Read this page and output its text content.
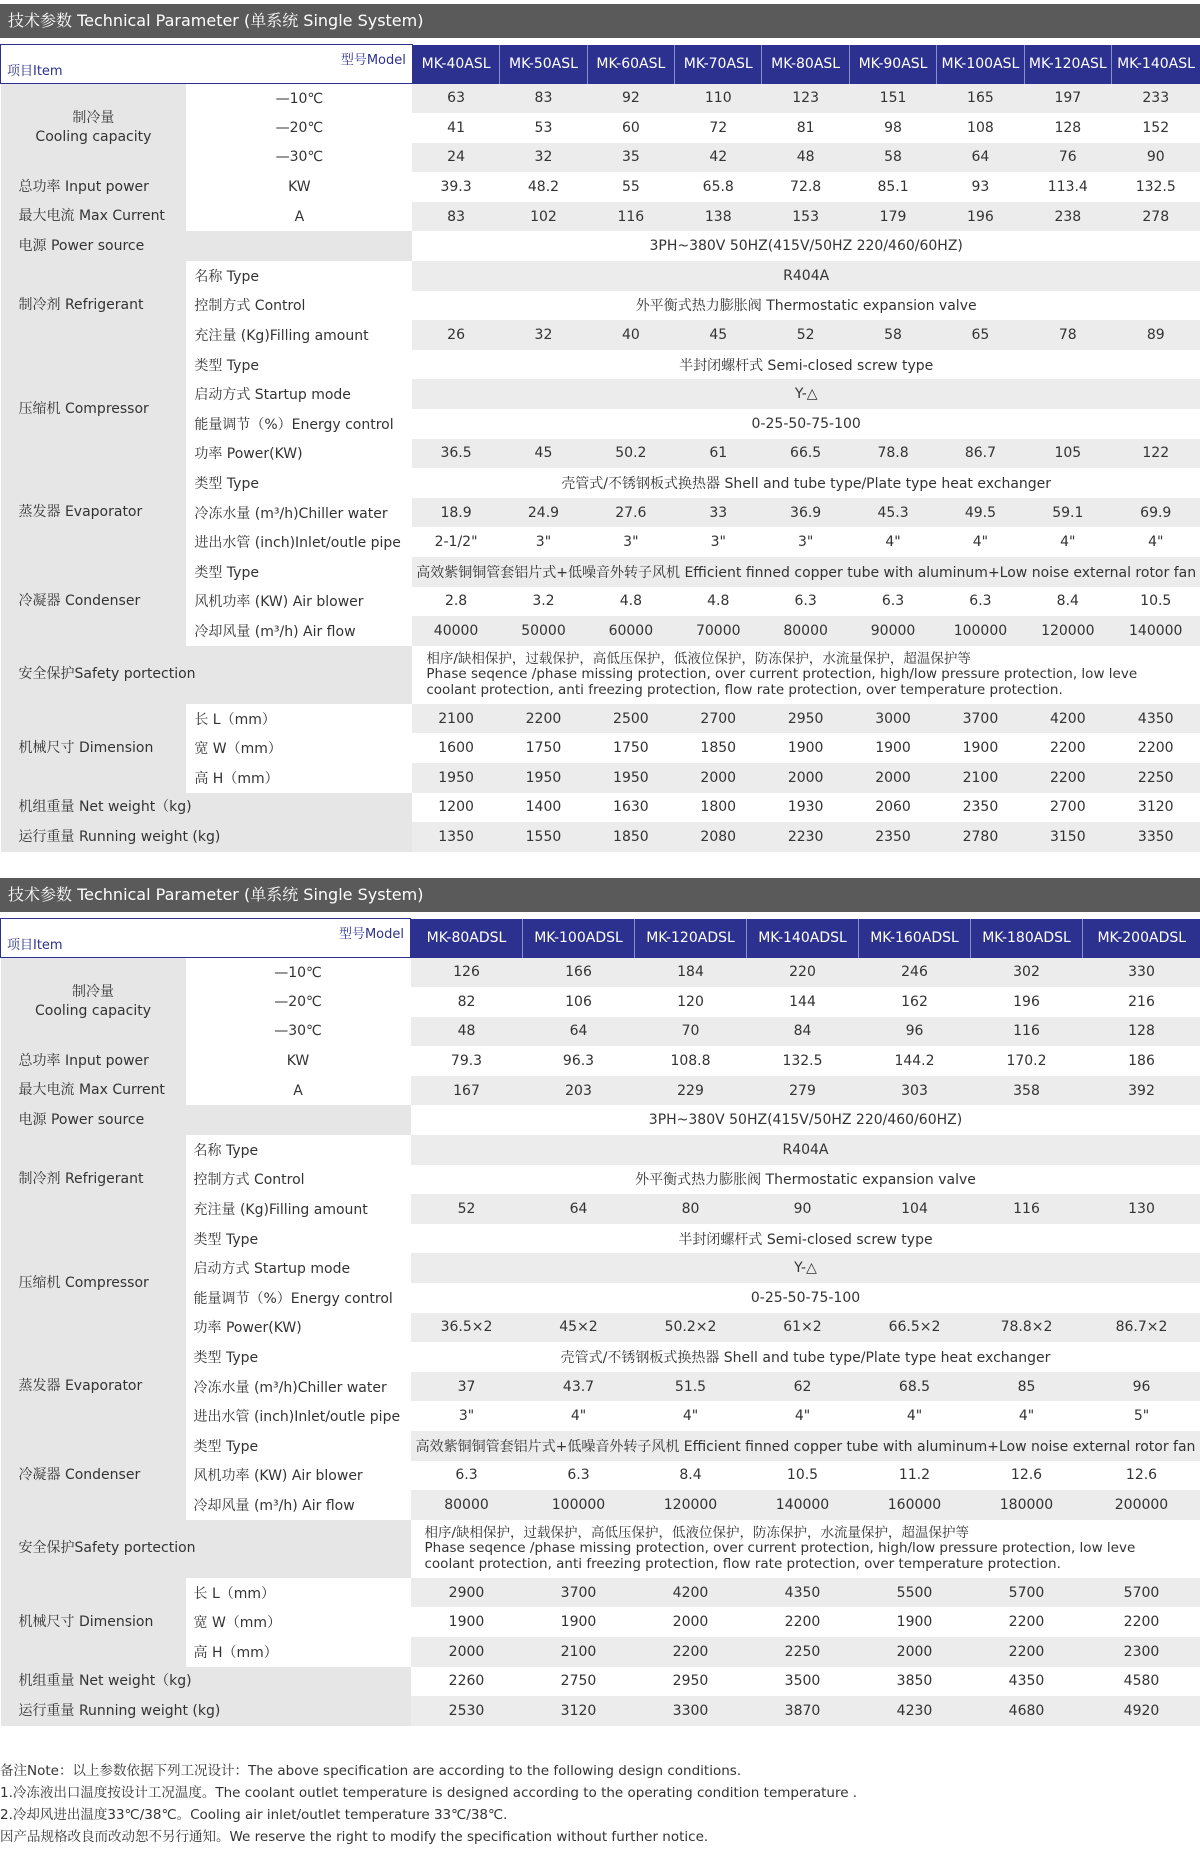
技术参数 Technical Parameter (单系统 Single System)
型号Model
项目Item		MK-40ASL	MK-50ASL	MK-60ASL	MK-70ASL	MK-80ASL	MK-90ASL	MK-100ASL	MK-120ASL	MK-140ASL

制冷量
Cooling capacity	—10℃	63	83	92	110	123	151	165	197	233
	—20℃	41	53	60	72	81	98	108	128	152
	—30℃	24	32	35	42	48	58	64	76	90
总功率 Input power	KW	39.3	48.2	55	65.8	72.8	85.1	93	113.4	132.5
最大电流 Max Current	A	83	102	116	138	153	179	196	238	278
电源 Power source		3PH~380V 50HZ(415V/50HZ 220/460/60HZ)								
制冷剂 Refrigerant	名称 Type	R404A								
	控制方式 Control	外平衡式热力膨胀阀 Thermostatic expansion valve								
	充注量 (Kg)Filling amount	26	32	40	45	52	58	65	78	89
压缩机 Compressor	类型 Type	半封闭螺杆式 Semi-closed screw type								
	启动方式 Startup mode	Y-△								
	能量调节（%）Energy control	0-25-50-75-100								
	功率 Power(KW)	36.5	45	50.2	61	66.5	78.8	86.7	105	122
蒸发器 Evaporator	类型 Type	壳管式/不锈钢板式换热器 Shell and tube type/Plate type heat exchanger								
	冷冻水量 (m³/h)Chiller water	18.9	24.9	27.6	33	36.9	45.3	49.5	59.1	69.9
	进出水管 (inch)Inlet/outle pipe	2-1/2"	3"	3"	3"	3"	4"	4"	4"	4"
冷凝器 Condenser	类型 Type	高效紫铜铜管套铝片式+低噪音外转子风机 Efficient finned copper tube with aluminum+Low noise external rotor fan								
	风机功率 (KW) Air blower	2.8	3.2	4.8	4.8	6.3	6.3	6.3	8.4	10.5
	冷却风量 (m³/h) Air flow	40000	50000	60000	70000	80000	90000	100000	120000	140000
安全保护Safety portection		相序/缺相保护，过载保护，高低压保护，低液位保护，防冻保护，水流量保护，超温保护等
Phase seqence /phase missing protection, over current protection, high/low pressure protection, low leve
coolant protection, anti freezing protection, flow rate protection, over temperature protection.								

机械尺寸 Dimension	长 L（mm）	2100	2200	2500	2700	2950	3000	3700	4200	4350
	宽 W（mm）	1600	1750	1750	1850	1900	1900	1900	2200	2200
	高 H（mm）	1950	1950	1950	2000	2000	2000	2100	2200	2250
机组重量 Net weight（kg)		1200	1400	1630	1800	1930	2060	2350	2700	3120
运行重量 Running weight (kg)		1350	1550	1850	2080	2230	2350	2780	3150	3350
技术参数 Technical Parameter (单系统 Single System)
型号Model
项目Item		MK-80ADSL	MK-100ADSL	MK-120ADSL	MK-140ADSL	MK-160ADSL	MK-180ADSL	MK-200ADSL

制冷量
Cooling capacity	—10℃	126	166	184	220	246	302	330
	—20℃	82	106	120	144	162	196	216
	—30℃	48	64	70	84	96	116	128
总功率 Input power	KW	79.3	96.3	108.8	132.5	144.2	170.2	186
最大电流 Max Current	A	167	203	229	279	303	358	392
电源 Power source		3PH~380V 50HZ(415V/50HZ 220/460/60HZ)						
制冷剂 Refrigerant	名称 Type	R404A						
	控制方式 Control	外平衡式热力膨胀阀 Thermostatic expansion valve						
	充注量 (Kg)Filling amount	52	64	80	90	104	116	130
压缩机 Compressor	类型 Type	半封闭螺杆式 Semi-closed screw type						
	启动方式 Startup mode	Y-△						
	能量调节（%）Energy control	0-25-50-75-100						
	功率 Power(KW)	36.5×2	45×2	50.2×2	61×2	66.5×2	78.8×2	86.7×2
蒸发器 Evaporator	类型 Type	壳管式/不锈钢板式换热器 Shell and tube type/Plate type heat exchanger						
	冷冻水量 (m³/h)Chiller water	37	43.7	51.5	62	68.5	85	96
	进出水管 (inch)Inlet/outle pipe	3"	4"	4"	4"	4"	4"	5"
冷凝器 Condenser	类型 Type	高效紫铜铜管套铝片式+低噪音外转子风机 Efficient finned copper tube with aluminum+Low noise external rotor fan						
	风机功率 (KW) Air blower	6.3	6.3	8.4	10.5	11.2	12.6	12.6
	冷却风量 (m³/h) Air flow	80000	100000	120000	140000	160000	180000	200000
安全保护Safety portection		相序/缺相保护，过载保护，高低压保护，低液位保护，防冻保护，水流量保护，超温保护等
Phase seqence /phase missing protection, over current protection, high/low pressure protection, low leve
coolant protection, anti freezing protection, flow rate protection, over temperature protection.						

机械尺寸 Dimension	长 L（mm）	2900	3700	4200	4350	5500	5700	5700
	宽 W（mm）	1900	1900	2000	2200	1900	2200	2200
	高 H（mm）	2000	2100	2200	2250	2000	2200	2300
机组重量 Net weight（kg)		2260	2750	2950	3500	3850	4350	4580
运行重量 Running weight (kg)		2530	3120	3300	3870	4230	4680	4920
备注Note：以上参数依据下列工况设计：The above specification are according to the following design conditions.
1.冷冻液出口温度按设计工况温度。The coolant outlet temperature is designed according to the operating condition temperature .
2.冷却风进出温度33℃/38℃。Cooling air inlet/outlet temperature 33℃/38℃.
因产品规格改良而改动恕不另行通知。We reserve the right to modify the specification without further notice.
